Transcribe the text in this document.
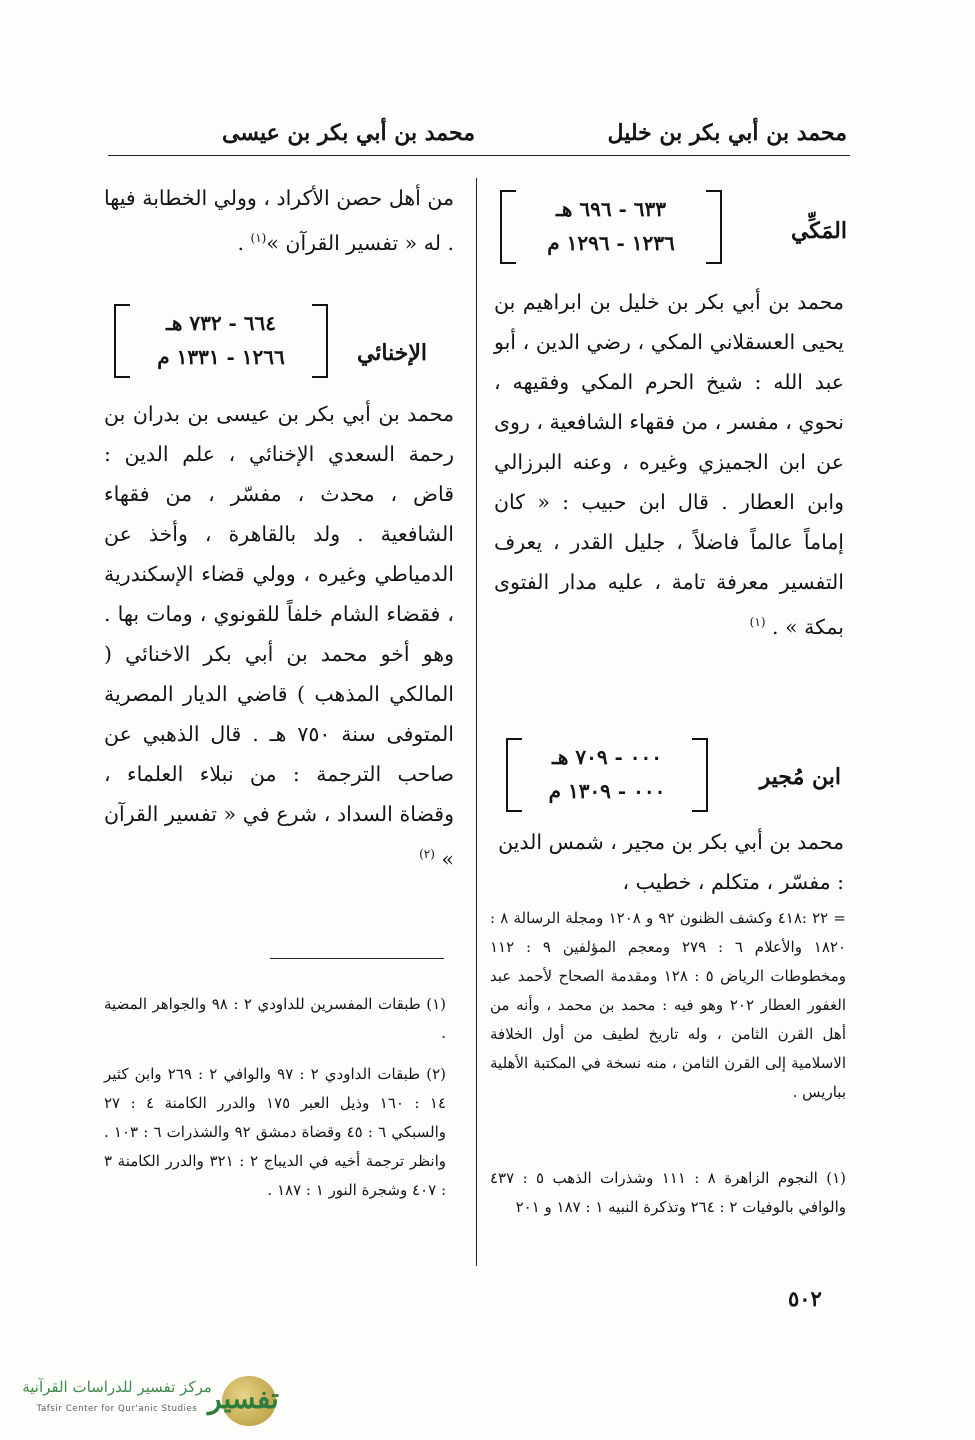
محمد بن أبي بكر بن خليل
محمد بن أبي بكر بن عيسى
٦٣٣ - ٦٩٦ هـ
١٢٣٦ - ١٢٩٦ م	المَكِّي

محمد بن أبي بكر بن خليل بن ابراهيم بن يحيى العسقلاني المكي ، رضي الدين ، أبو عبد الله : شيخ الحرم المكي وفقيهه ، نحوي ، مفسر ، من فقهاء الشافعية ، روى عن ابن الجميزي وغيره ، وعنه البرزالي وابن العطار . قال ابن حبيب : « كان إماماً عالماً فاضلاً ، جليل القدر ، يعرف التفسير معرفة تامة ، عليه مدار الفتوى بمكة » . $^{(١)}$

٠٠٠ - ٧٠٩ هـ
٠٠٠ - ١٣٠٩ م
ابن مُجير

محمد بن أبي بكر بن مجير ، شمس الدين : مفسّر ، متكلم ، خطيب ،

= ٢٢ :٤١٨ وكشف الظنون ٩٢ و ١٢٠٨ ومجلة الرسالة ٨ : ١٨٢٠ والأعلام ٦ : ٢٧٩ ومعجم المؤلفين ٩ : ١١٢ ومخطوطات الرياض ٥ : ١٢٨ ومقدمة الصحاح لأحمد عبد الغفور العطار ٢٠٢ وهو فيه : محمد بن محمد ، وأنه من أهل القرن الثامن ، وله تاريخ لطيف من أول الخلافة الاسلامية إلى القرن الثامن ، منه نسخة في المكتبة الأهلية بباريس .

(١) النجوم الزاهرة ٨ : ١١١ وشذرات الذهب ٥ : ٤٣٧ والوافي بالوفيات ٢ : ٢٦٤ وتذكرة النبيه ١ : ١٨٧ و ٢٠١

من أهل حصن الأكراد ، وولي الخطابة فيها . له « تفسير القرآن »$^{(١)}$ .

٦٦٤ - ٧٣٢ هـ
١٢٦٦ - ١٣٣١ م	الإخنائي

محمد بن أبي بكر بن عيسى بن بدران بن رحمة السعدي الإخنائي ، علم الدين : قاض ، محدث ، مفسّر ، من فقهاء الشافعية . ولد بالقاهرة ، وأخذ عن الدمياطي وغيره ، وولي قضاء الإسكندرية ، فقضاء الشام خلفاً للقونوي ، ومات بها . وهو أخو محمد بن أبي بكر الاخنائي ( المالكي المذهب ) قاضي الديار المصرية المتوفى سنة ٧٥٠ هـ . قال الذهبي عن صاحب الترجمة : من نبلاء العلماء ، وقضاة السداد ، شرع في « تفسير القرآن » $^{(٢)}$

(١) طبقات المفسرين للداودي ٢ : ٩٨ والجواهر المضية .

(٢) طبقات الداودي ٢ : ٩٧ والوافي ٢ : ٢٦٩ وابن كثير ١٤ : ١٦٠ وذيل العبر ١٧٥ والدرر الكامنة ٤ : ٢٧ والسبكي ٦ : ٤٥ وقضاة دمشق ٩٢ والشذرات ٦ : ١٠٣ . وانظر ترجمة أخيه في الديباج ٢ : ٣٢١ والدرر الكامنة ٣ : ٤٠٧ وشجرة النور ١ : ١٨٧ .

٥٠٢
تفسير
مركز تفسير للدراسات القرآنية
Tafsir Center for Qur'anic Studies
